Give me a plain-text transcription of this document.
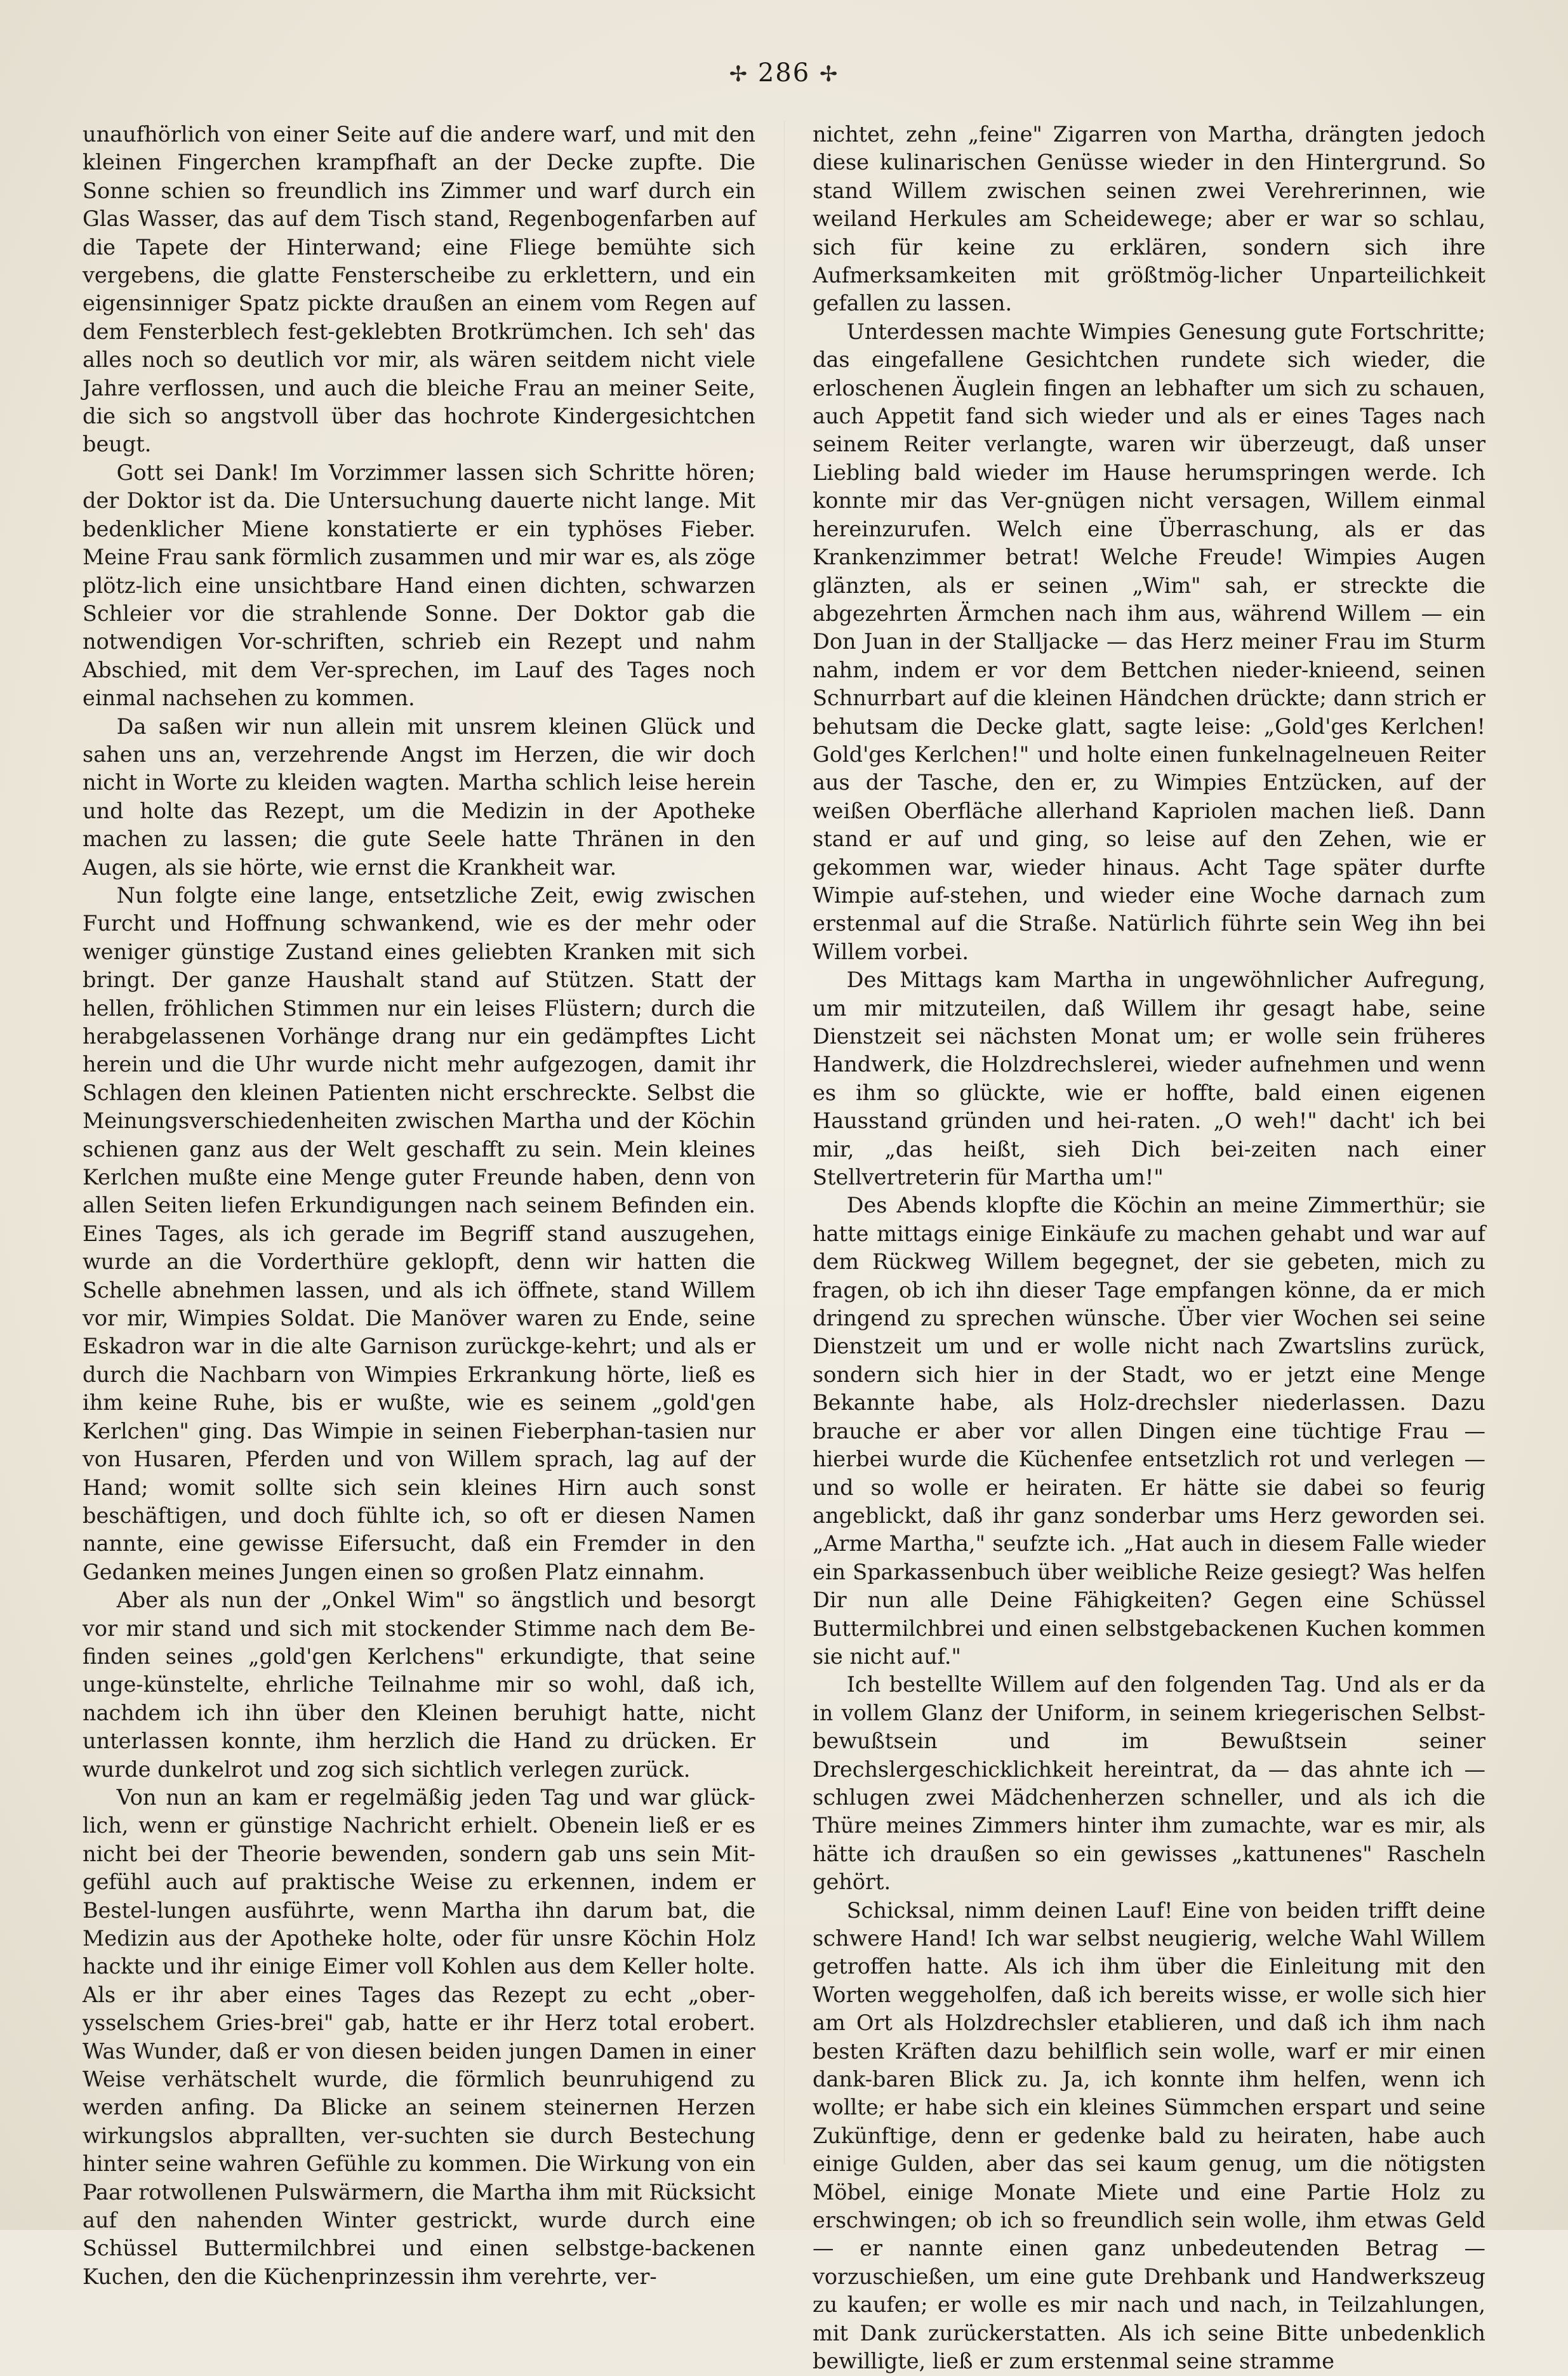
✢ 286 ✢

unaufhörlich von einer Seite auf die andere warf, und mit den kleinen Fingerchen krampfhaft an der Decke zupfte. Die Sonne schien so freundlich ins Zimmer und warf durch ein Glas Wasser, das auf dem Tisch stand, Regenbogenfarben auf die Tapete der Hinterwand; eine Fliege bemühte sich vergebens, die glatte Fensterscheibe zu erklettern, und ein eigensinniger Spatz pickte draußen an einem vom Regen auf dem Fensterblech fest-geklebten Brotkrümchen. Ich seh' das alles noch so deutlich vor mir, als wären seitdem nicht viele Jahre verflossen, und auch die bleiche Frau an meiner Seite, die sich so angstvoll über das hochrote Kindergesichtchen beugt.

Gott sei Dank! Im Vorzimmer lassen sich Schritte hören; der Doktor ist da. Die Untersuchung dauerte nicht lange. Mit bedenklicher Miene konstatierte er ein typhöses Fieber. Meine Frau sank förmlich zusammen und mir war es, als zöge plötz-lich eine unsichtbare Hand einen dichten, schwarzen Schleier vor die strahlende Sonne. Der Doktor gab die notwendigen Vor-schriften, schrieb ein Rezept und nahm Abschied, mit dem Ver-sprechen, im Lauf des Tages noch einmal nachsehen zu kommen.

Da saßen wir nun allein mit unsrem kleinen Glück und sahen uns an, verzehrende Angst im Herzen, die wir doch nicht in Worte zu kleiden wagten. Martha schlich leise herein und holte das Rezept, um die Medizin in der Apotheke machen zu lassen; die gute Seele hatte Thränen in den Augen, als sie hörte, wie ernst die Krankheit war.

Nun folgte eine lange, entsetzliche Zeit, ewig zwischen Furcht und Hoffnung schwankend, wie es der mehr oder weniger günstige Zustand eines geliebten Kranken mit sich bringt. Der ganze Haushalt stand auf Stützen. Statt der hellen, fröhlichen Stimmen nur ein leises Flüstern; durch die herabgelassenen Vorhänge drang nur ein gedämpftes Licht herein und die Uhr wurde nicht mehr aufgezogen, damit ihr Schlagen den kleinen Patienten nicht erschreckte. Selbst die Meinungsverschiedenheiten zwischen Martha und der Köchin schienen ganz aus der Welt geschafft zu sein. Mein kleines Kerlchen mußte eine Menge guter Freunde haben, denn von allen Seiten liefen Erkundigungen nach seinem Befinden ein. Eines Tages, als ich gerade im Begriff stand auszugehen, wurde an die Vorderthüre geklopft, denn wir hatten die Schelle abnehmen lassen, und als ich öffnete, stand Willem vor mir, Wimpies Soldat. Die Manöver waren zu Ende, seine Eskadron war in die alte Garnison zurückge-kehrt; und als er durch die Nachbarn von Wimpies Erkrankung hörte, ließ es ihm keine Ruhe, bis er wußte, wie es seinem „gold'gen Kerlchen" ging. Das Wimpie in seinen Fieberphan-tasien nur von Husaren, Pferden und von Willem sprach, lag auf der Hand; womit sollte sich sein kleines Hirn auch sonst beschäftigen, und doch fühlte ich, so oft er diesen Namen nannte, eine gewisse Eifersucht, daß ein Fremder in den Gedanken meines Jungen einen so großen Platz einnahm.

Aber als nun der „Onkel Wim" so ängstlich und besorgt vor mir stand und sich mit stockender Stimme nach dem Be-finden seines „gold'gen Kerlchens" erkundigte, that seine unge-künstelte, ehrliche Teilnahme mir so wohl, daß ich, nachdem ich ihn über den Kleinen beruhigt hatte, nicht unterlassen konnte, ihm herzlich die Hand zu drücken. Er wurde dunkelrot und zog sich sichtlich verlegen zurück.

Von nun an kam er regelmäßig jeden Tag und war glück-lich, wenn er günstige Nachricht erhielt. Obenein ließ er es nicht bei der Theorie bewenden, sondern gab uns sein Mit-gefühl auch auf praktische Weise zu erkennen, indem er Bestel-lungen ausführte, wenn Martha ihn darum bat, die Medizin aus der Apotheke holte, oder für unsre Köchin Holz hackte und ihr einige Eimer voll Kohlen aus dem Keller holte. Als er ihr aber eines Tages das Rezept zu echt „ober-ysselschem Gries-brei" gab, hatte er ihr Herz total erobert. Was Wunder, daß er von diesen beiden jungen Damen in einer Weise verhätschelt wurde, die förmlich beunruhigend zu werden anfing. Da Blicke an seinem steinernen Herzen wirkungslos abprallten, ver-suchten sie durch Bestechung hinter seine wahren Gefühle zu kommen. Die Wirkung von ein Paar rotwollenen Pulswärmern, die Martha ihm mit Rücksicht auf den nahenden Winter gestrickt, wurde durch eine Schüssel Buttermilchbrei und einen selbstge-backenen Kuchen, den die Küchenprinzessin ihm verehrte, ver-

nichtet, zehn „feine" Zigarren von Martha, drängten jedoch diese kulinarischen Genüsse wieder in den Hintergrund. So stand Willem zwischen seinen zwei Verehrerinnen, wie weiland Herkules am Scheidewege; aber er war so schlau, sich für keine zu erklären, sondern sich ihre Aufmerksamkeiten mit größtmög-licher Unparteilichkeit gefallen zu lassen.

Unterdessen machte Wimpies Genesung gute Fortschritte; das eingefallene Gesichtchen rundete sich wieder, die erloschenen Äuglein fingen an lebhafter um sich zu schauen, auch Appetit fand sich wieder und als er eines Tages nach seinem Reiter verlangte, waren wir überzeugt, daß unser Liebling bald wieder im Hause herumspringen werde. Ich konnte mir das Ver-gnügen nicht versagen, Willem einmal hereinzurufen. Welch eine Überraschung, als er das Krankenzimmer betrat! Welche Freude! Wimpies Augen glänzten, als er seinen „Wim" sah, er streckte die abgezehrten Ärmchen nach ihm aus, während Willem — ein Don Juan in der Stalljacke — das Herz meiner Frau im Sturm nahm, indem er vor dem Bettchen nieder-knieend, seinen Schnurrbart auf die kleinen Händchen drückte; dann strich er behutsam die Decke glatt, sagte leise: „Gold'ges Kerlchen! Gold'ges Kerlchen!" und holte einen funkelnagelneuen Reiter aus der Tasche, den er, zu Wimpies Entzücken, auf der weißen Oberfläche allerhand Kapriolen machen ließ. Dann stand er auf und ging, so leise auf den Zehen, wie er gekommen war, wieder hinaus. Acht Tage später durfte Wimpie auf-stehen, und wieder eine Woche darnach zum erstenmal auf die Straße. Natürlich führte sein Weg ihn bei Willem vorbei.

Des Mittags kam Martha in ungewöhnlicher Aufregung, um mir mitzuteilen, daß Willem ihr gesagt habe, seine Dienstzeit sei nächsten Monat um; er wolle sein früheres Handwerk, die Holzdrechslerei, wieder aufnehmen und wenn es ihm so glückte, wie er hoffte, bald einen eigenen Hausstand gründen und hei-raten. „O weh!" dacht' ich bei mir, „das heißt, sieh Dich bei-zeiten nach einer Stellvertreterin für Martha um!"

Des Abends klopfte die Köchin an meine Zimmerthür; sie hatte mittags einige Einkäufe zu machen gehabt und war auf dem Rückweg Willem begegnet, der sie gebeten, mich zu fragen, ob ich ihn dieser Tage empfangen könne, da er mich dringend zu sprechen wünsche. Über vier Wochen sei seine Dienstzeit um und er wolle nicht nach Zwartslins zurück, sondern sich hier in der Stadt, wo er jetzt eine Menge Bekannte habe, als Holz-drechsler niederlassen. Dazu brauche er aber vor allen Dingen eine tüchtige Frau — hierbei wurde die Küchenfee entsetzlich rot und verlegen — und so wolle er heiraten. Er hätte sie dabei so feurig angeblickt, daß ihr ganz sonderbar ums Herz geworden sei. „Arme Martha," seufzte ich. „Hat auch in diesem Falle wieder ein Sparkassenbuch über weibliche Reize gesiegt? Was helfen Dir nun alle Deine Fähigkeiten? Gegen eine Schüssel Buttermilchbrei und einen selbstgebackenen Kuchen kommen sie nicht auf."

Ich bestellte Willem auf den folgenden Tag. Und als er da in vollem Glanz der Uniform, in seinem kriegerischen Selbst-bewußtsein und im Bewußtsein seiner Drechslergeschicklichkeit hereintrat, da — das ahnte ich — schlugen zwei Mädchenherzen schneller, und als ich die Thüre meines Zimmers hinter ihm zumachte, war es mir, als hätte ich draußen so ein gewisses „kattunenes" Rascheln gehört.

Schicksal, nimm deinen Lauf! Eine von beiden trifft deine schwere Hand! Ich war selbst neugierig, welche Wahl Willem getroffen hatte. Als ich ihm über die Einleitung mit den Worten weggeholfen, daß ich bereits wisse, er wolle sich hier am Ort als Holzdrechsler etablieren, und daß ich ihm nach besten Kräften dazu behilflich sein wolle, warf er mir einen dank-baren Blick zu. Ja, ich konnte ihm helfen, wenn ich wollte; er habe sich ein kleines Sümmchen erspart und seine Zukünftige, denn er gedenke bald zu heiraten, habe auch einige Gulden, aber das sei kaum genug, um die nötigsten Möbel, einige Monate Miete und eine Partie Holz zu erschwingen; ob ich so freundlich sein wolle, ihm etwas Geld — er nannte einen ganz unbedeutenden Betrag — vorzuschießen, um eine gute Drehbank und Handwerkszeug zu kaufen; er wolle es mir nach und nach, in Teilzahlungen, mit Dank zurückerstatten. Als ich seine Bitte unbedenklich bewilligte, ließ er zum erstenmal seine stramme
